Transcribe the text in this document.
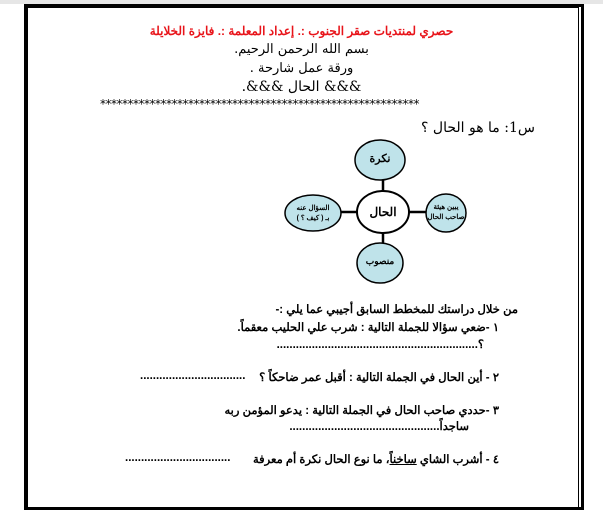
حصري لمنتديات صقر الجنوب :. إعداد المعلمة :. فايزة الخلايلة
بسم الله الرحمن الرحيم.
ورقة عمل شارحة .
&&& الحال &&&.
**********************************************************
س1: ما هو الحال ؟
نكرة
الحال
منصوب
يبين هيئة
صاحب الحال
السؤال عنه
بـ ( كيف ؟ )
من خلال دراستك للمخطط السابق أجيبي عما يلي :-
١ -ضعي سؤالا للجملة التالية : شرب علي الحليب معقماً.
؟...............................................................
٢ - أين الحال في الجملة التالية : أقبل عمر ضاحكاً ؟
.................................
٣ -حددي صاحب الحال في الجملة التالية : يدعو المؤمن ربه
ساجداً...............................................
٤ - أشرب الشاي ساخناً، ما نوع الحال نكرة أم معرفة
.................................
